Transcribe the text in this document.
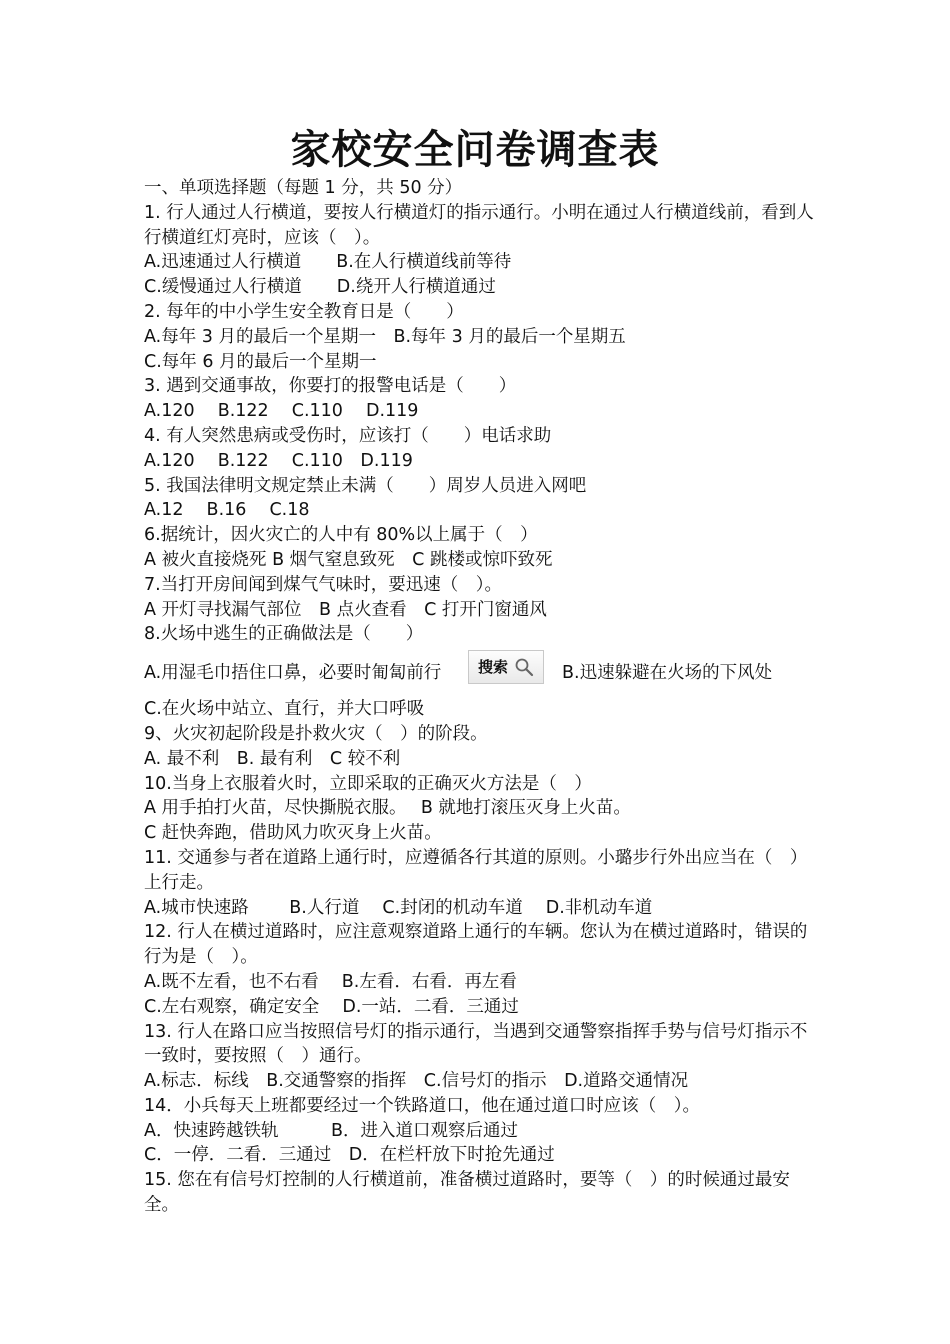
家校安全问卷调查表
一、单项选择题（每题 1 分，共 50 分）
1. 行人通过人行横道，要按人行横道灯的指示通行。小明在通过人行横道线前，看到人行横道红灯亮时，应该（　）。
A.迅速通过人行横道　　B.在人行横道线前等待
C.缓慢通过人行横道　　D.绕开人行横道通过
2. 每年的中小学生安全教育日是（　　）
A.每年 3 月的最后一个星期一　B.每年 3 月的最后一个星期五
C.每年 6 月的最后一个星期一
3. 遇到交通事故，你要打的报警电话是（　　）
A.120　 B.122　 C.110　 D.119
4. 有人突然患病或受伤时，应该打（　　）电话求助
A.120　 B.122　 C.110　D.119
5. 我国法律明文规定禁止未满（　　）周岁人员进入网吧
A.12　 B.16　 C.18
6.据统计，因火灾亡的人中有 80%以上属于（　）
A 被火直接烧死 B 烟气窒息致死　C 跳楼或惊吓致死
7.当打开房间闻到煤气气味时，要迅速（　）。
A 开灯寻找漏气部位　B 点火查看　C 打开门窗通风
8.火场中逃生的正确做法是（　　）
A.用湿毛巾捂住口鼻，必要时匍匐前行 搜索	B.迅速躲避在火场的下风处
C.在火场中站立、直行，并大口呼吸
9、火灾初起阶段是扑救火灾（　）的阶段。
A. 最不利　B. 最有利　C 较不利
10.当身上衣服着火时，立即采取的正确灭火方法是（　）
A 用手拍打火苗，尽快撕脱衣服。　 B 就地打滚压灭身上火苗。
C 赶快奔跑，借助风力吹灭身上火苗。
11. 交通参与者在道路上通行时，应遵循各行其道的原则。小璐步行外出应当在（　）上行走。
A.城市快速路　　 B.人行道　 C.封闭的机动车道　 D.非机动车道
12. 行人在横过道路时，应注意观察道路上通行的车辆。您认为在横过道路时，错误的行为是（　）。
A.既不左看，也不右看　 B.左看．右看．再左看
C.左右观察，确定安全　 D.一站．二看．三通过
13. 行人在路口应当按照信号灯的指示通行，当遇到交通警察指挥手势与信号灯指示不一致时，要按照（　）通行。
A.标志．标线　B.交通警察的指挥　C.信号灯的指示　D.道路交通情况
14．小兵每天上班都要经过一个铁路道口，他在通过道口时应该（　）。
A．快速跨越铁轨　　　B．进入道口观察后通过
C．一停．二看．三通过　D．在栏杆放下时抢先通过
15. 您在有信号灯控制的人行横道前，准备横过道路时，要等（　）的时候通过最安全。
